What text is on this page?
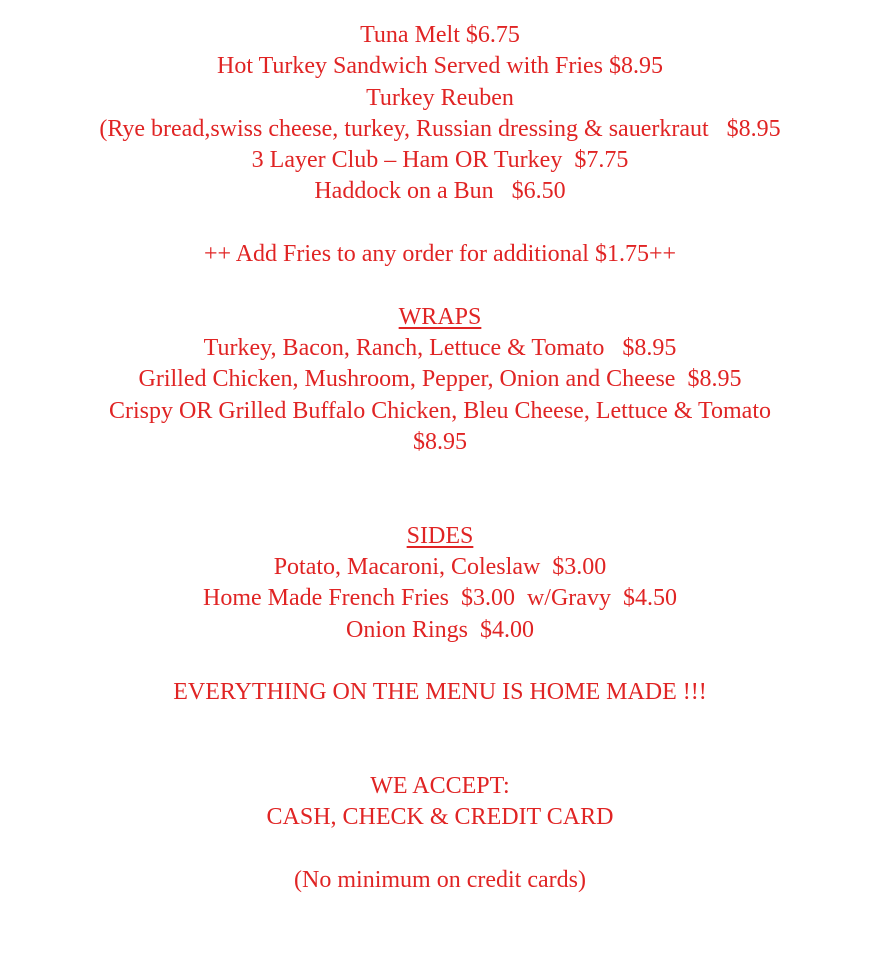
Tuna Melt $6.75
Hot Turkey Sandwich Served with Fries $8.95
Turkey Reuben
(Rye bread,swiss cheese, turkey, Russian dressing & sauerkraut   $8.95
3 Layer Club – Ham OR Turkey  $7.75
Haddock on a Bun   $6.50
++ Add Fries to any order for additional $1.75++
WRAPS
Turkey, Bacon, Ranch, Lettuce & Tomato   $8.95
Grilled Chicken, Mushroom, Pepper, Onion and Cheese  $8.95
Crispy OR Grilled Buffalo Chicken, Bleu Cheese, Lettuce & Tomato
$8.95
SIDES
Potato, Macaroni, Coleslaw  $3.00
Home Made French Fries  $3.00  w/Gravy  $4.50
Onion Rings  $4.00
EVERYTHING ON THE MENU IS HOME MADE !!!
WE ACCEPT:
CASH, CHECK & CREDIT CARD
(No minimum on credit cards)
